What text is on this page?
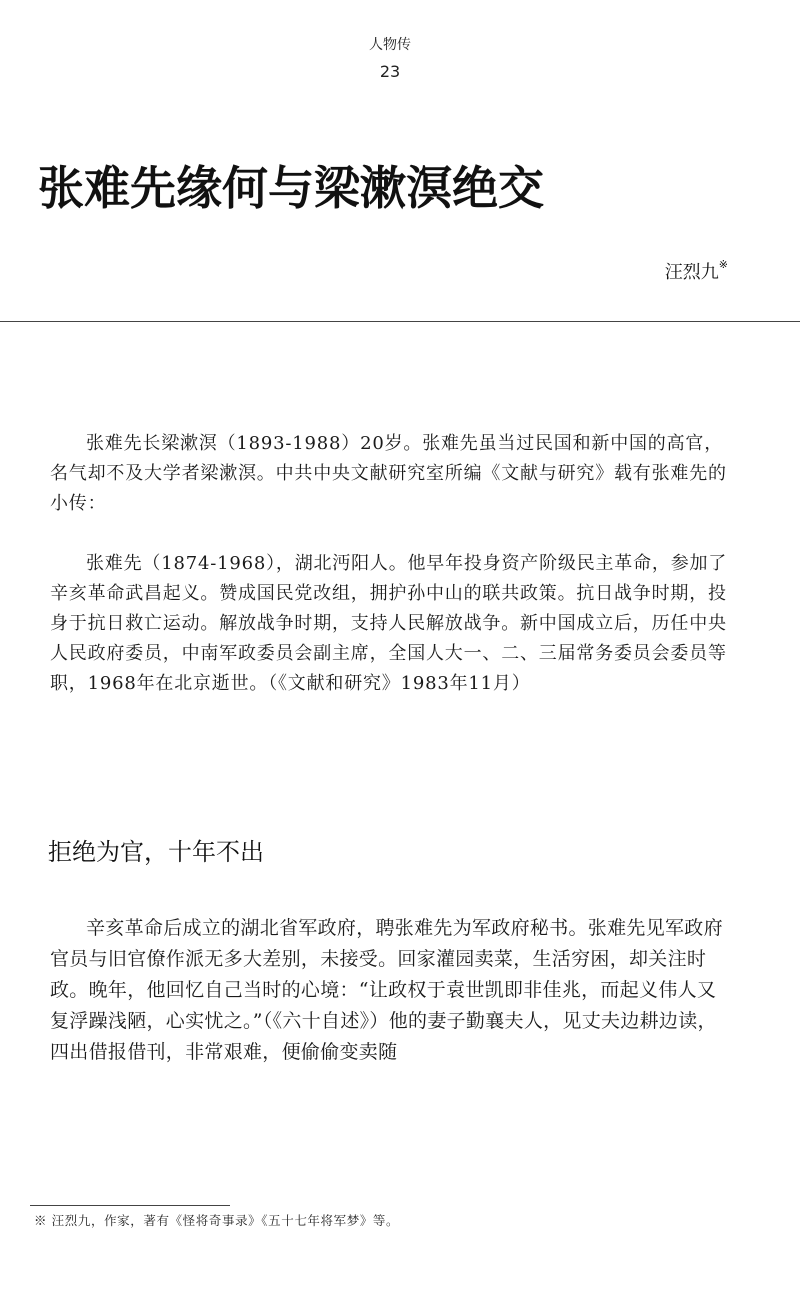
人物传
23
张难先缘何与梁漱溟绝交
汪烈九※

张难先长梁漱溟（1893-1988）20岁。张难先虽当过民国和新中国的高官，名气却不及大学者梁漱溟。中共中央文献研究室所编《文献与研究》载有张难先的小传：

张难先（1874-1968），湖北沔阳人。他早年投身资产阶级民主革命，参加了辛亥革命武昌起义。赞成国民党改组，拥护孙中山的联共政策。抗日战争时期，投身于抗日救亡运动。解放战争时期，支持人民解放战争。新中国成立后，历任中央人民政府委员，中南军政委员会副主席，全国人大一、二、三届常务委员会委员等职，1968年在北京逝世。（《文献和研究》1983年11月）

拒绝为官，十年不出

辛亥革命后成立的湖北省军政府，聘张难先为军政府秘书。张难先见军政府官员与旧官僚作派无多大差别，未接受。回家灌园卖菜，生活穷困，却关注时政。晚年，他回忆自己当时的心境：“让政权于袁世凯即非佳兆，而起义伟人又复浮躁浅陋，心实忧之。”（《六十自述》）他的妻子勤襄夫人，见丈夫边耕边读，四出借报借刊，非常艰难，便偷偷变卖随

※ 汪烈九，作家，著有《怪将奇事录》《五十七年将军梦》等。
